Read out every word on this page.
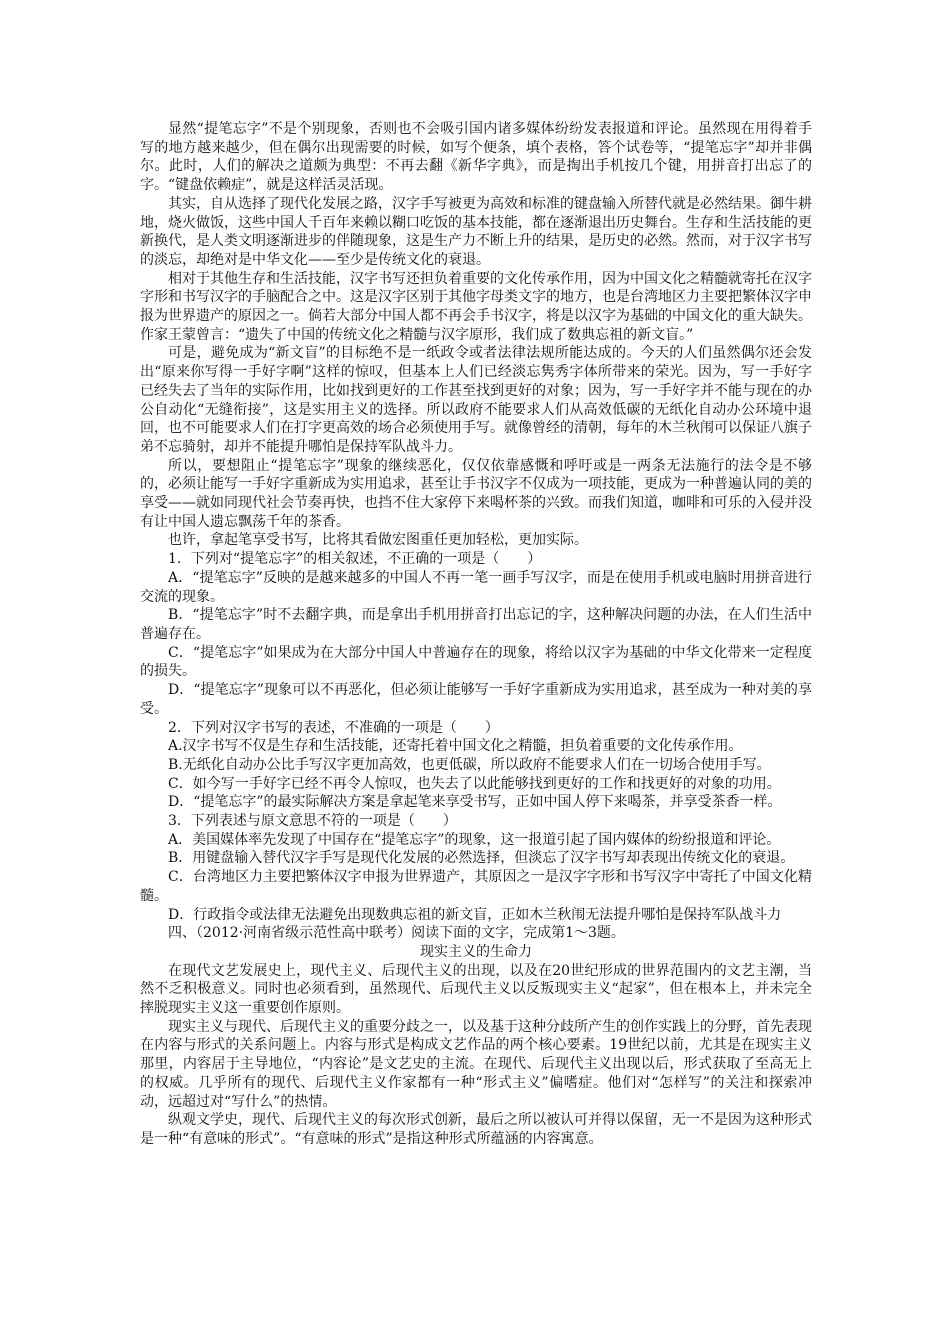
显然“提笔忘字”不是个别现象，否则也不会吸引国内诸多媒体纷纷发表报道和评论。虽然现在用得着手写的地方越来越少，但在偶尔出现需要的时候，如写个便条，填个表格，答个试卷等，“提笔忘字”却并非偶尔。此时，人们的解决之道颇为典型：不再去翻《新华字典》，而是掏出手机按几个键，用拼音打出忘了的字。“键盘依赖症”，就是这样活灵活现。

其实，自从选择了现代化发展之路，汉字手写被更为高效和标准的键盘输入所替代就是必然结果。御牛耕地，烧火做饭，这些中国人千百年来赖以糊口吃饭的基本技能，都在逐渐退出历史舞台。生存和生活技能的更新换代，是人类文明逐渐进步的伴随现象，这是生产力不断上升的结果，是历史的必然。然而，对于汉字书写的淡忘，却绝对是中华文化——至少是传统文化的衰退。

相对于其他生存和生活技能，汉字书写还担负着重要的文化传承作用，因为中国文化之精髓就寄托在汉字字形和书写汉字的手脑配合之中。这是汉字区别于其他字母类文字的地方，也是台湾地区力主要把繁体汉字申报为世界遗产的原因之一。倘若大部分中国人都不再会手书汉字，将是以汉字为基础的中国文化的重大缺失。作家王蒙曾言：“遗失了中国的传统文化之精髓与汉字原形，我们成了数典忘祖的新文盲。”

可是，避免成为“新文盲”的目标绝不是一纸政令或者法律法规所能达成的。今天的人们虽然偶尔还会发出“原来你写得一手好字啊”这样的惊叹，但基本上人们已经淡忘隽秀字体所带来的荣光。因为，写一手好字已经失去了当年的实际作用，比如找到更好的工作甚至找到更好的对象；因为，写一手好字并不能与现在的办公自动化“无缝衔接”，这是实用主义的选择。所以政府不能要求人们从高效低碳的无纸化自动办公环境中退回，也不可能要求人们在打字更高效的场合必须使用手写。就像曾经的清朝，每年的木兰秋闱可以保证八旗子弟不忘骑射，却并不能提升哪怕是保持军队战斗力。

所以，要想阻止“提笔忘字”现象的继续恶化，仅仅依靠感慨和呼吁或是一两条无法施行的法令是不够的，必须让能写一手好字重新成为实用追求，甚至让手书汉字不仅成为一项技能，更成为一种普遍认同的美的享受——就如同现代社会节奏再快，也挡不住大家停下来喝杯茶的兴致。而我们知道，咖啡和可乐的入侵并没有让中国人遗忘飘荡千年的茶香。

也许，拿起笔享受书写，比将其看做宏图重任更加轻松，更加实际。

1．下列对“提笔忘字”的相关叙述，不正确的一项是（　　）

A．“提笔忘字”反映的是越来越多的中国人不再一笔一画手写汉字，而是在使用手机或电脑时用拼音进行交流的现象。

B．“提笔忘字”时不去翻字典，而是拿出手机用拼音打出忘记的字，这种解决问题的办法，在人们生活中普遍存在。

C．“提笔忘字”如果成为在大部分中国人中普遍存在的现象，将给以汉字为基础的中华文化带来一定程度的损失。

D．“提笔忘字”现象可以不再恶化，但必须让能够写一手好字重新成为实用追求，甚至成为一种对美的享受。

2．下列对汉字书写的表述，不准确的一项是（　　）

A.汉字书写不仅是生存和生活技能，还寄托着中国文化之精髓，担负着重要的文化传承作用。

B.无纸化自动办公比手写汉字更加高效，也更低碳，所以政府不能要求人们在一切场合使用手写。

C．如今写一手好字已经不再令人惊叹，也失去了以此能够找到更好的工作和找更好的对象的功用。

D．“提笔忘字”的最实际解决方案是拿起笔来享受书写，正如中国人停下来喝茶，并享受茶香一样。

3．下列表述与原文意思不符的一项是（　　）

A．美国媒体率先发现了中国存在“提笔忘字”的现象，这一报道引起了国内媒体的纷纷报道和评论。

B．用键盘输入替代汉字手写是现代化发展的必然选择，但淡忘了汉字书写却表现出传统文化的衰退。

C．台湾地区力主要把繁体汉字申报为世界遗产，其原因之一是汉字字形和书写汉字中寄托了中国文化精髓。

D．行政指令或法律无法避免出现数典忘祖的新文盲，正如木兰秋闱无法提升哪怕是保持军队战斗力

四、（2012·河南省级示范性高中联考）阅读下面的文字，完成第1～3题。

现实主义的生命力

在现代文艺发展史上，现代主义、后现代主义的出现，以及在20世纪形成的世界范围内的文艺主潮，当然不乏积极意义。同时也必须看到，虽然现代、后现代主义以反叛现实主义“起家”，但在根本上，并未完全摔脱现实主义这一重要创作原则。

现实主义与现代、后现代主义的重要分歧之一，以及基于这种分歧所产生的创作实践上的分野，首先表现在内容与形式的关系问题上。内容与形式是构成文艺作品的两个核心要素。19世纪以前，尤其是在现实主义那里，内容居于主导地位，“内容论”是文艺史的主流。在现代、后现代主义出现以后，形式获取了至高无上的权威。几乎所有的现代、后现代主义作家都有一种“形式主义”偏嗜症。他们对“怎样写”的关注和探索冲动，远超过对“写什么”的热情。

纵观文学史，现代、后现代主义的每次形式创新，最后之所以被认可并得以保留，无一不是因为这种形式是一种“有意味的形式”。“有意味的形式”是指这种形式所蕴涵的内容寓意。
